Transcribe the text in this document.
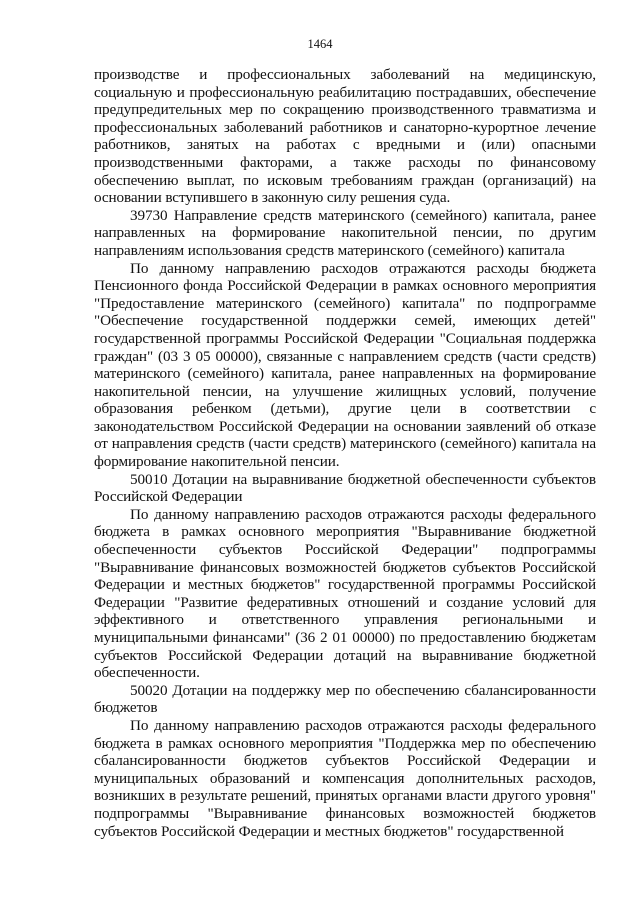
1464

производстве и профессиональных заболеваний на медицинскую, социальную и профессиональную реабилитацию пострадавших, обеспечение предупредительных мер по сокращению производственного травматизма и профессиональных заболеваний работников и санаторно-курортное лечение работников, занятых на работах с вредными и (или) опасными производственными факторами, а также расходы по финансовому обеспечению выплат, по исковым требованиям граждан (организаций) на основании вступившего в законную силу решения суда.

39730 Направление средств материнского (семейного) капитала, ранее направленных на формирование накопительной пенсии, по другим направлениям использования средств материнского (семейного) капитала

По данному направлению расходов отражаются расходы бюджета Пенсионного фонда Российской Федерации в рамках основного мероприятия "Предоставление материнского (семейного) капитала" по подпрограмме "Обеспечение государственной поддержки семей, имеющих детей" государственной программы Российской Федерации "Социальная поддержка граждан" (03 3 05 00000), связанные с направлением средств (части средств) материнского (семейного) капитала, ранее направленных на формирование накопительной пенсии, на улучшение жилищных условий, получение образования ребенком (детьми), другие цели в соответствии с законодательством Российской Федерации на основании заявлений об отказе от направления средств (части средств) материнского (семейного) капитала на формирование накопительной пенсии.

50010 Дотации на выравнивание бюджетной обеспеченности субъектов Российской Федерации

По данному направлению расходов отражаются расходы федерального бюджета в рамках основного мероприятия "Выравнивание бюджетной обеспеченности субъектов Российской Федерации" подпрограммы "Выравнивание финансовых возможностей бюджетов субъектов Российской Федерации и местных бюджетов" государственной программы Российской Федерации "Развитие федеративных отношений и создание условий для эффективного и ответственного управления региональными и муниципальными финансами" (36 2 01 00000) по предоставлению бюджетам субъектов Российской Федерации дотаций на выравнивание бюджетной обеспеченности.

50020 Дотации на поддержку мер по обеспечению сбалансированности бюджетов

По данному направлению расходов отражаются расходы федерального бюджета в рамках основного мероприятия "Поддержка мер по обеспечению сбалансированности бюджетов субъектов Российской Федерации и муниципальных образований и компенсация дополнительных расходов, возникших в результате решений, принятых органами власти другого уровня" подпрограммы "Выравнивание финансовых возможностей бюджетов субъектов Российской Федерации и местных бюджетов" государственной
